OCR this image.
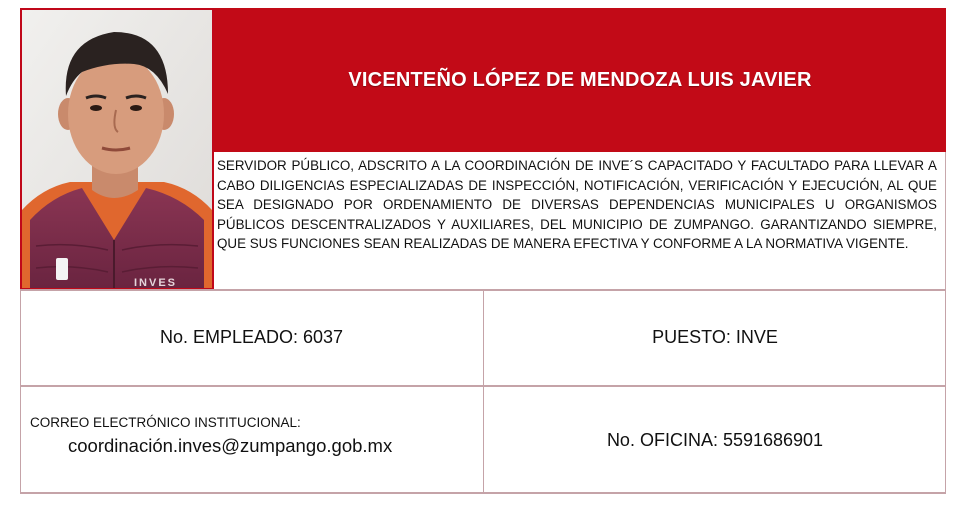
INVES
VICENTEÑO LÓPEZ DE MENDOZA LUIS JAVIER
SERVIDOR PÚBLICO, ADSCRITO A LA COORDINACIÓN DE INVE´S CAPACITADO Y FACULTADO PARA LLEVAR A CABO DILIGENCIAS ESPECIALIZADAS DE INSPECCIÓN, NOTIFICACIÓN, VERIFICACIÓN Y EJECUCIÓN, AL QUE SEA DESIGNADO POR ORDENAMIENTO DE DIVERSAS DEPENDENCIAS MUNICIPALES U ORGANISMOS PÚBLICOS DESCENTRALIZADOS Y AUXILIARES, DEL MUNICIPIO DE ZUMPANGO. GARANTIZANDO SIEMPRE, QUE SUS FUNCIONES SEAN REALIZADAS DE MANERA EFECTIVA Y CONFORME A LA NORMATIVA VIGENTE.
No. EMPLEADO: 6037	PUESTO: INVE
CORREO ELECTRÓNICO INSTITUCIONAL:
coordinación.inves@zumpango.gob.mx	No. OFICINA: 5591686901
